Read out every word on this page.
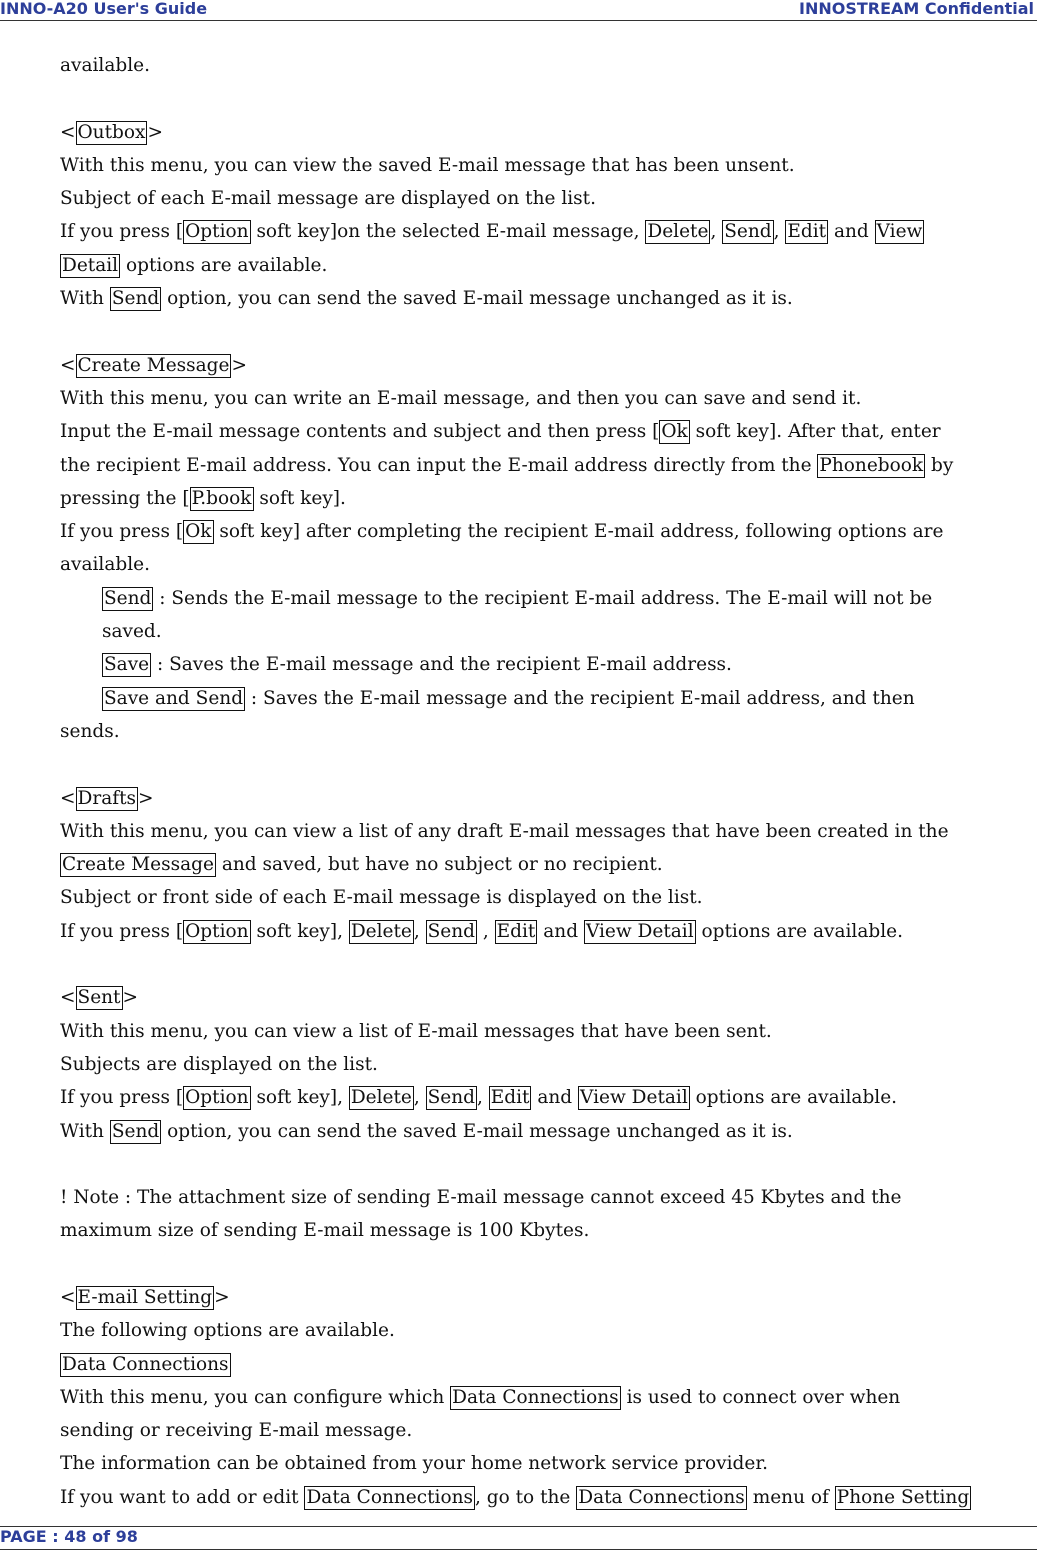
INNO-A20 User's Guide	INNOSTREAM Confidential
available.
< Outbox >
With this menu, you can view the saved E-mail message that has been unsent.
Subject of each E-mail message are displayed on the list.
If you press [ Option soft key]on the selected E-mail message, Delete , Send , Edit and View
Detail options are available.
With Send option, you can send the saved E-mail message unchanged as it is.
< Create Message >
With this menu, you can write an E-mail message, and then you can save and send it.
Input the E-mail message contents and subject and then press [ Ok soft key]. After that, enter
the recipient E-mail address. You can input the E-mail address directly from the Phonebook by
pressing the [ P.book soft key].
If you press [ Ok soft key] after completing the recipient E-mail address, following options are
available.
Send : Sends the E-mail message to the recipient E-mail address. The E-mail will not be
saved.
Save : Saves the E-mail message and the recipient E-mail address.
Save and Send : Saves the E-mail message and the recipient E-mail address, and then
sends.
< Drafts >
With this menu, you can view a list of any draft E-mail messages that have been created in the
Create Message and saved, but have no subject or no recipient.
Subject or front side of each E-mail message is displayed on the list.
If you press [ Option soft key], Delete , Send , Edit and View Detail options are available.
< Sent >
With this menu, you can view a list of E-mail messages that have been sent.
Subjects are displayed on the list.
If you press [ Option soft key], Delete , Send , Edit and View Detail options are available.
With Send option, you can send the saved E-mail message unchanged as it is.
! Note : The attachment size of sending E-mail message cannot exceed 45 Kbytes and the
maximum size of sending E-mail message is 100 Kbytes.
< E-mail Setting >
The following options are available.
Data Connections
With this menu, you can configure which Data Connections is used to connect over when
sending or receiving E-mail message.
The information can be obtained from your home network service provider.
If you want to add or edit Data Connections , go to the Data Connections menu of Phone Setting
PAGE : 48 of 98
